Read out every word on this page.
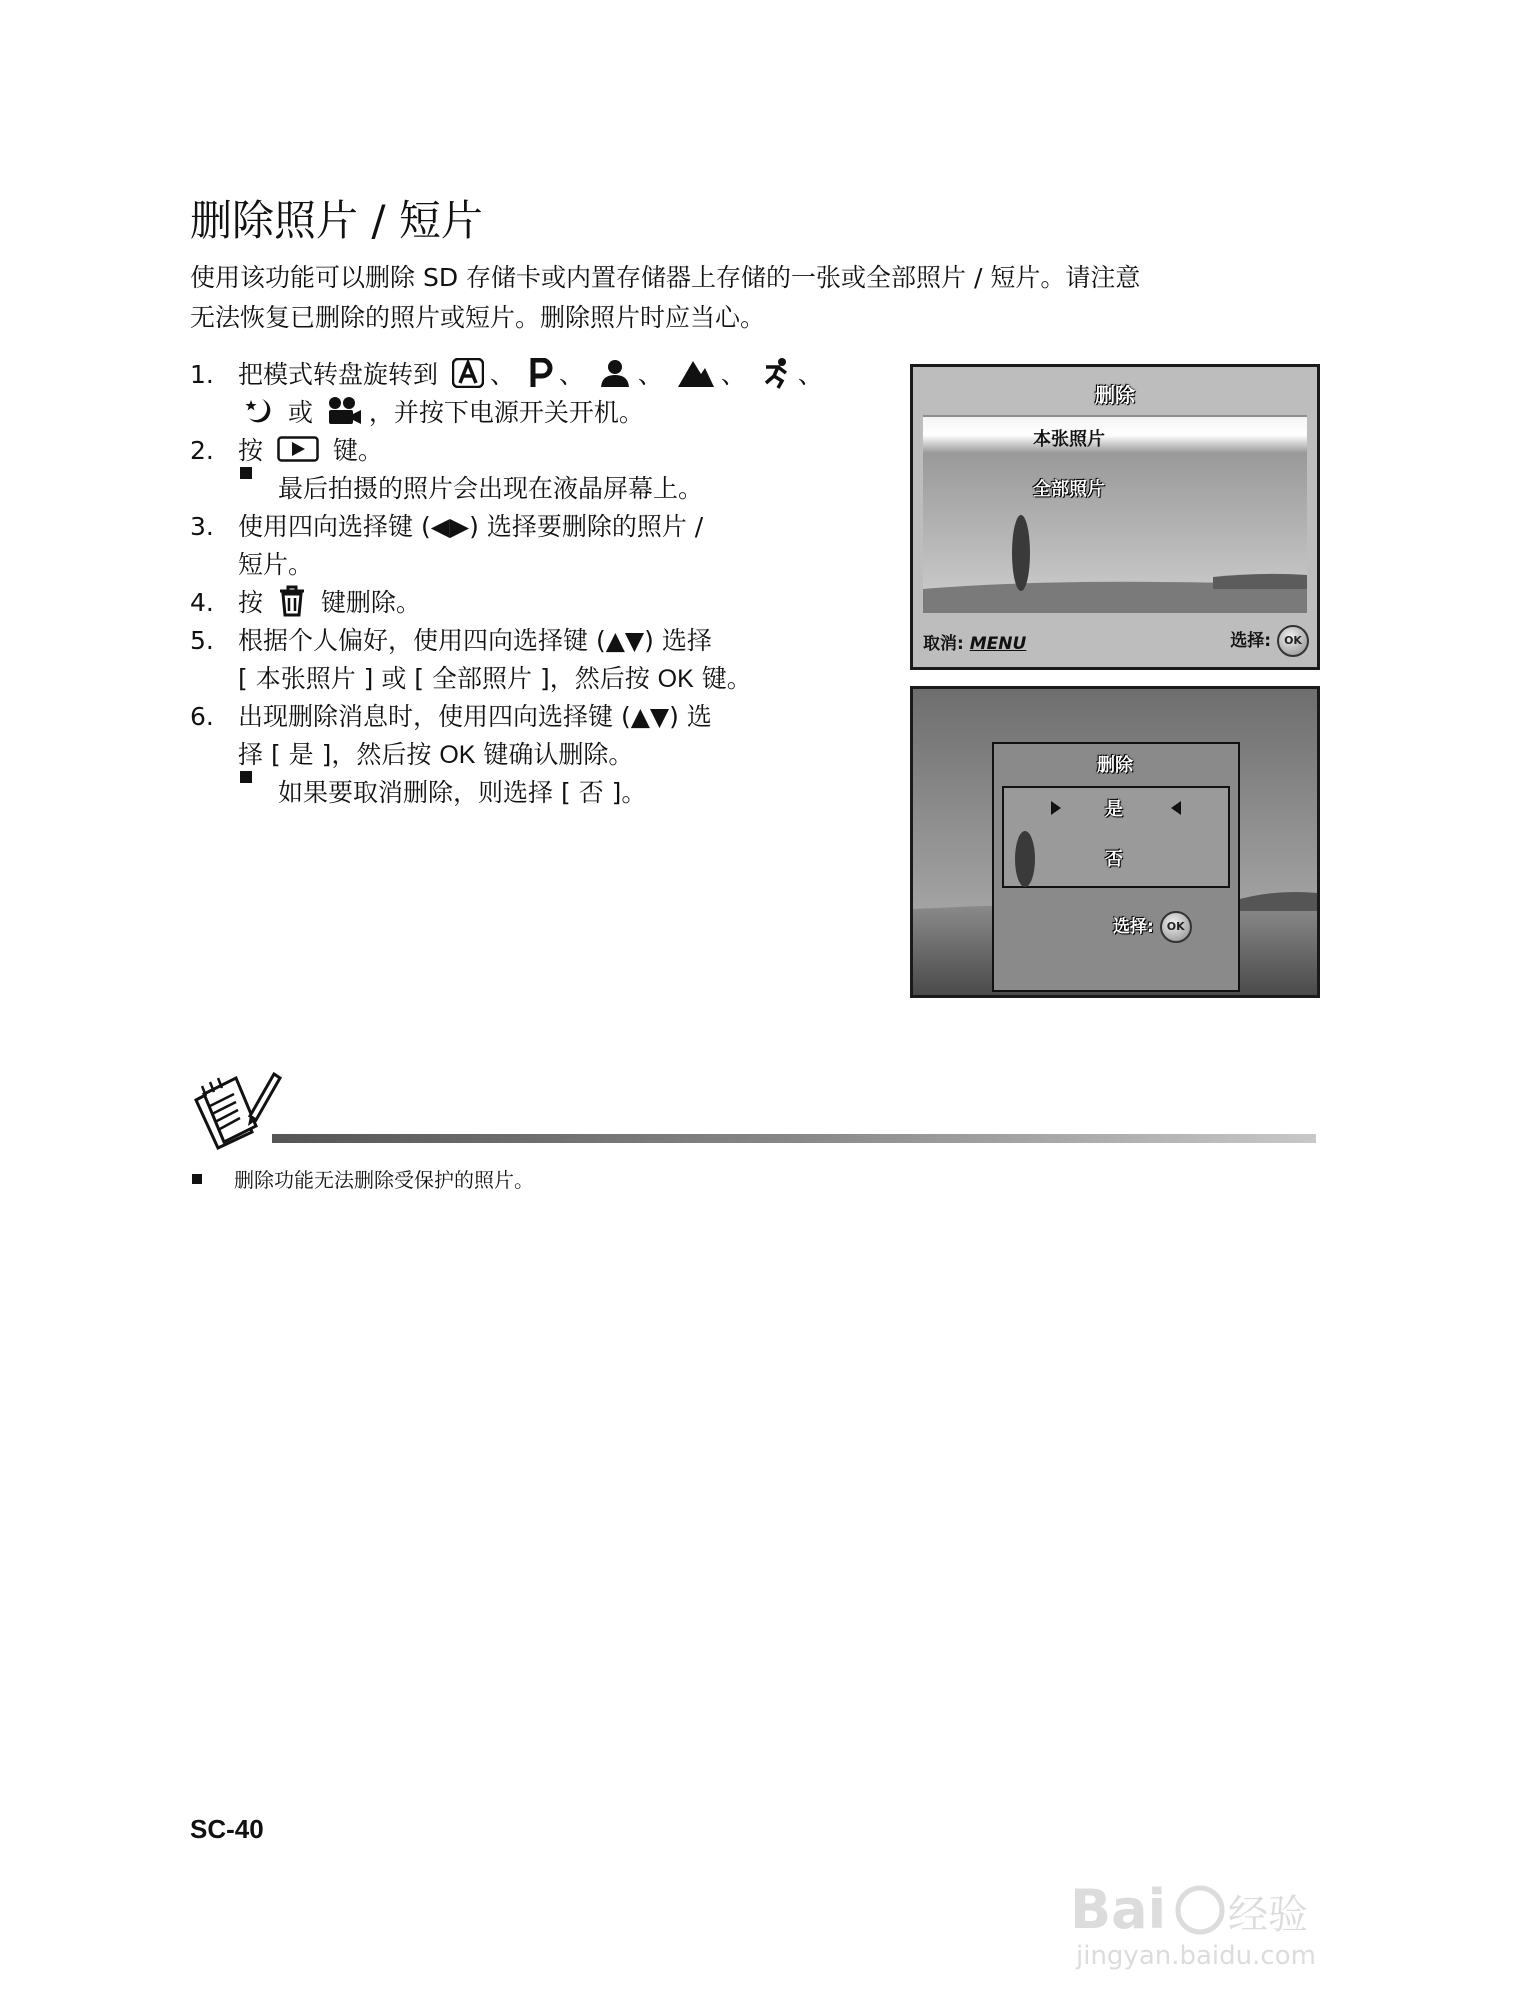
删除照片 / 短片
使用该功能可以删除 SD 存储卡或内置存储器上存储的一张或全部照片 / 短片。请注意
无法恢复已删除的照片或短片。删除照片时应当心。
1. 把模式转盘旋转到 、 、 、 、 、
或 ，并按下电源开关开机。
2. 按	键。
最后拍摄的照片会出现在液晶屏幕上。
3. 使用四向选择键 (◀▶) 选择要删除的照片 /
短片。
4. 按 键删除。
5. 根据个人偏好，使用四向选择键 (▲▼) 选择
[ 本张照片 ] 或 [ 全部照片 ]，然后按 OK 键。
6. 出现删除消息时，使用四向选择键 (▲▼) 选
择 [ 是 ]，然后按 OK 键确认删除。
如果要取消删除，则选择 [ 否 ]。
删除
本张照片
全部照片
取消: MENU	选择: OK
删除
是
否
选择: OK
删除功能无法删除受保护的照片。
SC-40
Bai 经验
jingyan.baidu.com
